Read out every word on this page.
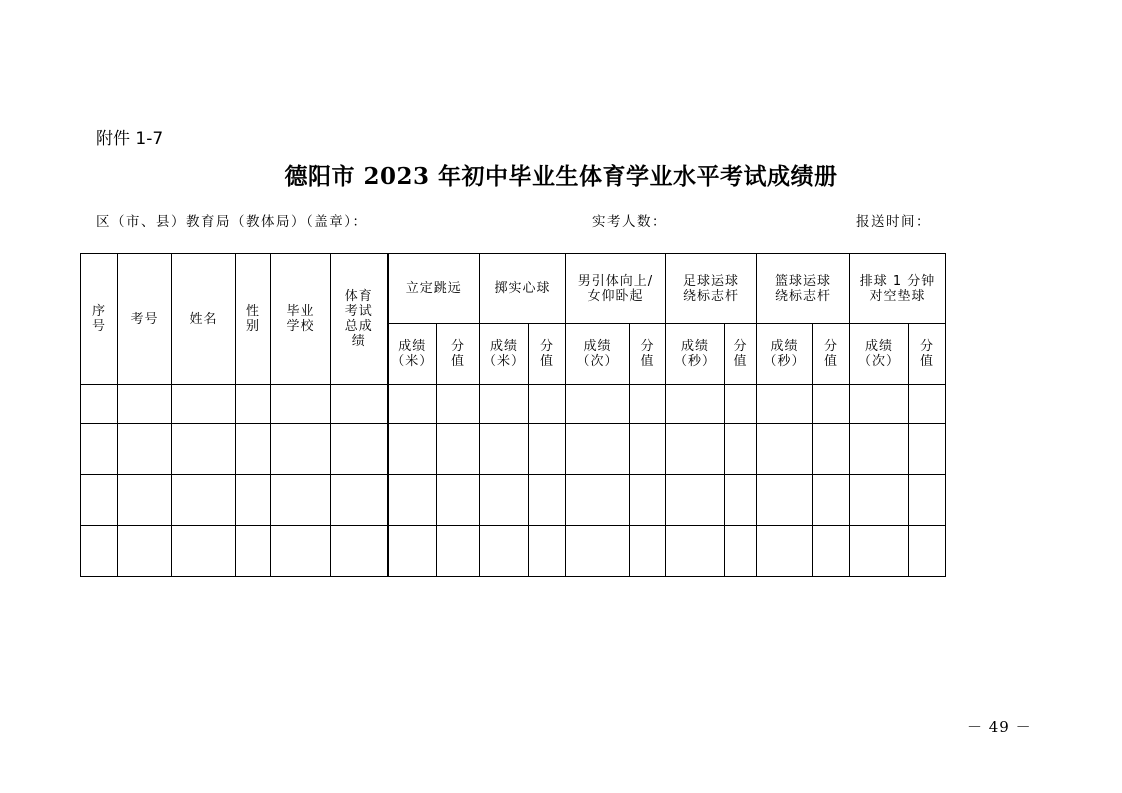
附件 1-7
德阳市 2023 年初中毕业生体育学业水平考试成绩册
区（市、县）教育局（教体局）（盖章）：	实考人数：	报送时间：
序号	考号	姓名	性别	毕业学校	体育考试总成绩	立定跳远		掷实心球		男引体向上/女仰卧起		足球运球绕标志杆		篮球运球绕标志杆		排球 1 分钟对空垫球	
						成绩（米）	分值	成绩（米）	分值	成绩（次）	分值	成绩（秒）	分值	成绩（秒）	分值	成绩（次）	分值

－ 49 －
